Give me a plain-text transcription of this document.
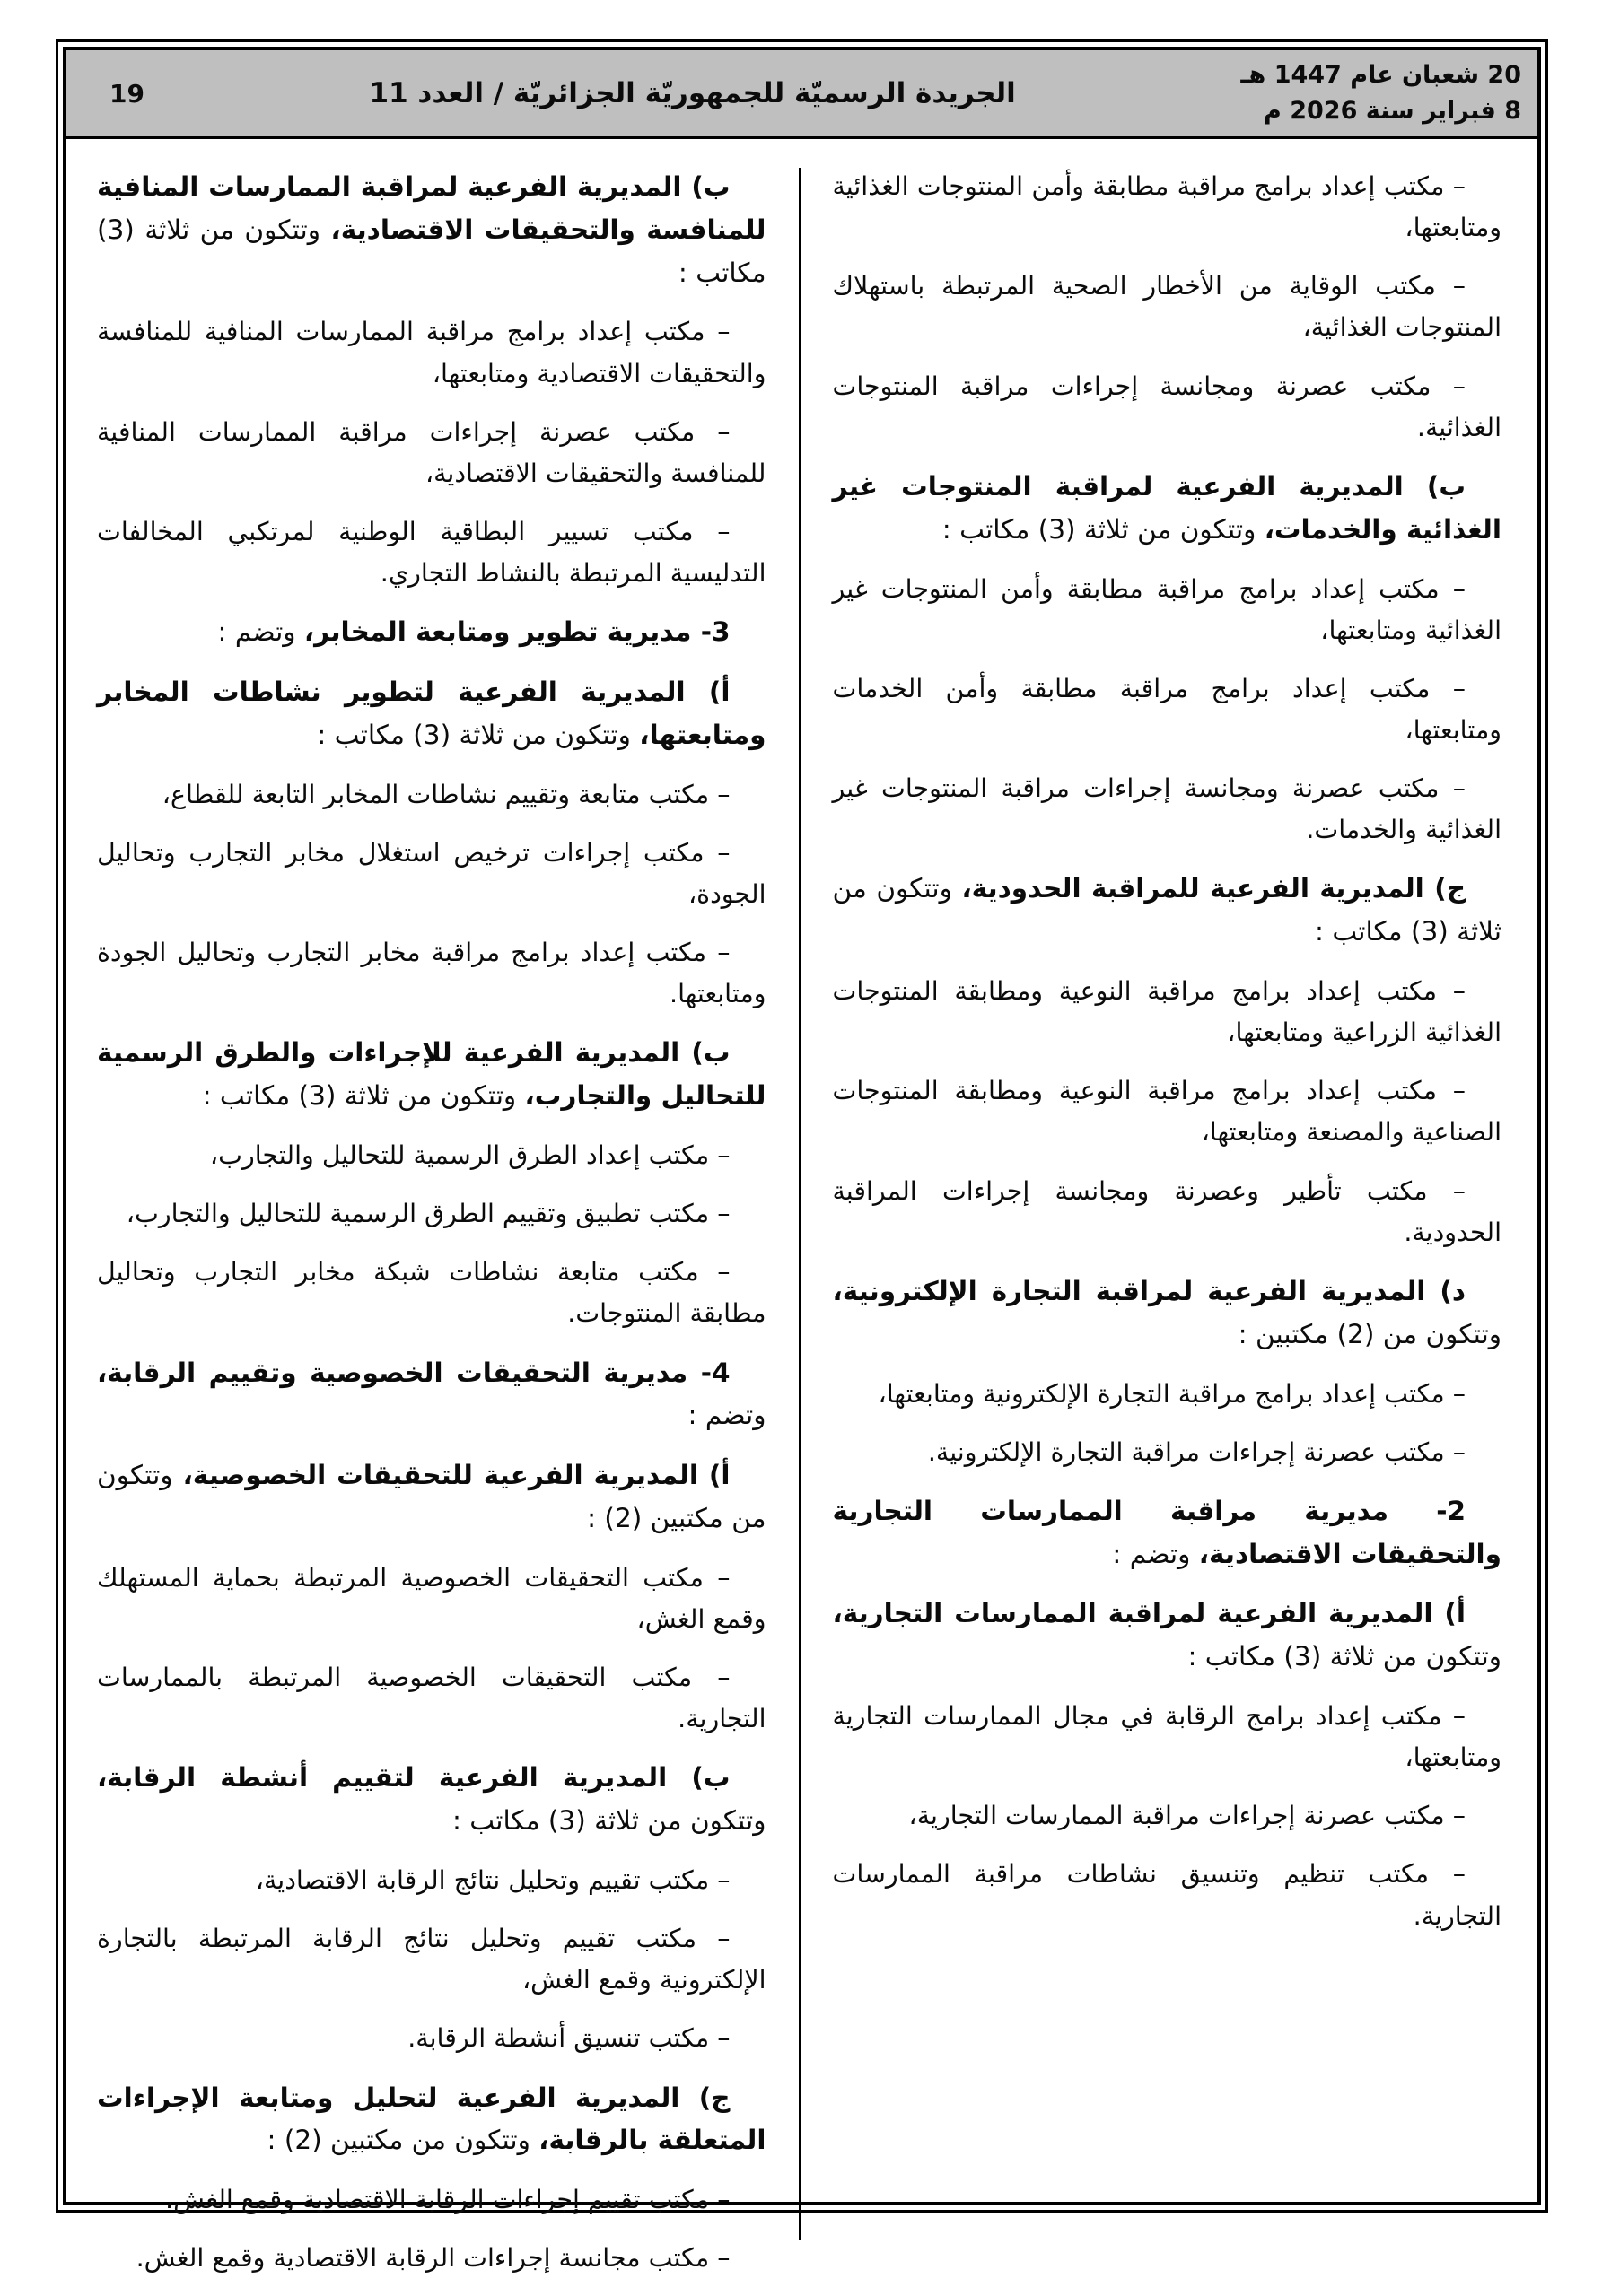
20 شعبان عام 1447 هـ
8 فبراير سنة 2026 م
الجريدة الرسميّة للجمهوريّة الجزائريّة / العدد 11
19

– مكتب إعداد برامج مراقبة مطابقة وأمن المنتوجات الغذائية ومتابعتها،

– مكتب الوقاية من الأخطار الصحية المرتبطة باستهلاك المنتوجات الغذائية،

– مكتب عصرنة ومجانسة إجراءات مراقبة المنتوجات الغذائية.

ب) المديرية الفرعية لمراقبة المنتوجات غير الغذائية والخدمات، وتتكون من ثلاثة (3) مكاتب :

– مكتب إعداد برامج مراقبة مطابقة وأمن المنتوجات غير الغذائية ومتابعتها،

– مكتب إعداد برامج مراقبة مطابقة وأمن الخدمات ومتابعتها،

– مكتب عصرنة ومجانسة إجراءات مراقبة المنتوجات غير الغذائية والخدمات.

ج) المديرية الفرعية للمراقبة الحدودية، وتتكون من ثلاثة (3) مكاتب :

– مكتب إعداد برامج مراقبة النوعية ومطابقة المنتوجات الغذائية الزراعية ومتابعتها،

– مكتب إعداد برامج مراقبة النوعية ومطابقة المنتوجات الصناعية والمصنعة ومتابعتها،

– مكتب تأطير وعصرنة ومجانسة إجراءات المراقبة الحدودية.

د) المديرية الفرعية لمراقبة التجارة الإلكترونية، وتتكون من (2) مكتبين :

– مكتب إعداد برامج مراقبة التجارة الإلكترونية ومتابعتها،

– مكتب عصرنة إجراءات مراقبة التجارة الإلكترونية.

2- مديرية مراقبة الممارسات التجارية والتحقيقات الاقتصادية، وتضم :

أ) المديرية الفرعية لمراقبة الممارسات التجارية، وتتكون من ثلاثة (3) مكاتب :

– مكتب إعداد برامج الرقابة في مجال الممارسات التجارية ومتابعتها،

– مكتب عصرنة إجراءات مراقبة الممارسات التجارية،

– مكتب تنظيم وتنسيق نشاطات مراقبة الممارسات التجارية.

ب) المديرية الفرعية لمراقبة الممارسات المنافية للمنافسة والتحقيقات الاقتصادية، وتتكون من ثلاثة (3) مكاتب :

– مكتب إعداد برامج مراقبة الممارسات المنافية للمنافسة والتحقيقات الاقتصادية ومتابعتها،

– مكتب عصرنة إجراءات مراقبة الممارسات المنافية للمنافسة والتحقيقات الاقتصادية،

– مكتب تسيير البطاقية الوطنية لمرتكبي المخالفات التدليسية المرتبطة بالنشاط التجاري.

3- مديرية تطوير ومتابعة المخابر، وتضم :

أ) المديرية الفرعية لتطوير نشاطات المخابر ومتابعتها، وتتكون من ثلاثة (3) مكاتب :

– مكتب متابعة وتقييم نشاطات المخابر التابعة للقطاع،

– مكتب إجراءات ترخيص استغلال مخابر التجارب وتحاليل الجودة،

– مكتب إعداد برامج مراقبة مخابر التجارب وتحاليل الجودة ومتابعتها.

ب) المديرية الفرعية للإجراءات والطرق الرسمية للتحاليل والتجارب، وتتكون من ثلاثة (3) مكاتب :

– مكتب إعداد الطرق الرسمية للتحاليل والتجارب،

– مكتب تطبيق وتقييم الطرق الرسمية للتحاليل والتجارب،

– مكتب متابعة نشاطات شبكة مخابر التجارب وتحاليل مطابقة المنتوجات.

4- مديرية التحقيقات الخصوصية وتقييم الرقابة، وتضم :

أ) المديرية الفرعية للتحقيقات الخصوصية، وتتكون من مكتبين (2) :

– مكتب التحقيقات الخصوصية المرتبطة بحماية المستهلك وقمع الغش،

– مكتب التحقيقات الخصوصية المرتبطة بالممارسات التجارية.

ب) المديرية الفرعية لتقييم أنشطة الرقابة، وتتكون من ثلاثة (3) مكاتب :

– مكتب تقييم وتحليل نتائج الرقابة الاقتصادية،

– مكتب تقييم وتحليل نتائج الرقابة المرتبطة بالتجارة الإلكترونية وقمع الغش،

– مكتب تنسيق أنشطة الرقابة.

ج) المديرية الفرعية لتحليل ومتابعة الإجراءات المتعلقة بالرقابة، وتتكون من مكتبين (2) :

– مكتب تقييم إجراءات الرقابة الاقتصادية وقمع الغش،

– مكتب مجانسة إجراءات الرقابة الاقتصادية وقمع الغش.
